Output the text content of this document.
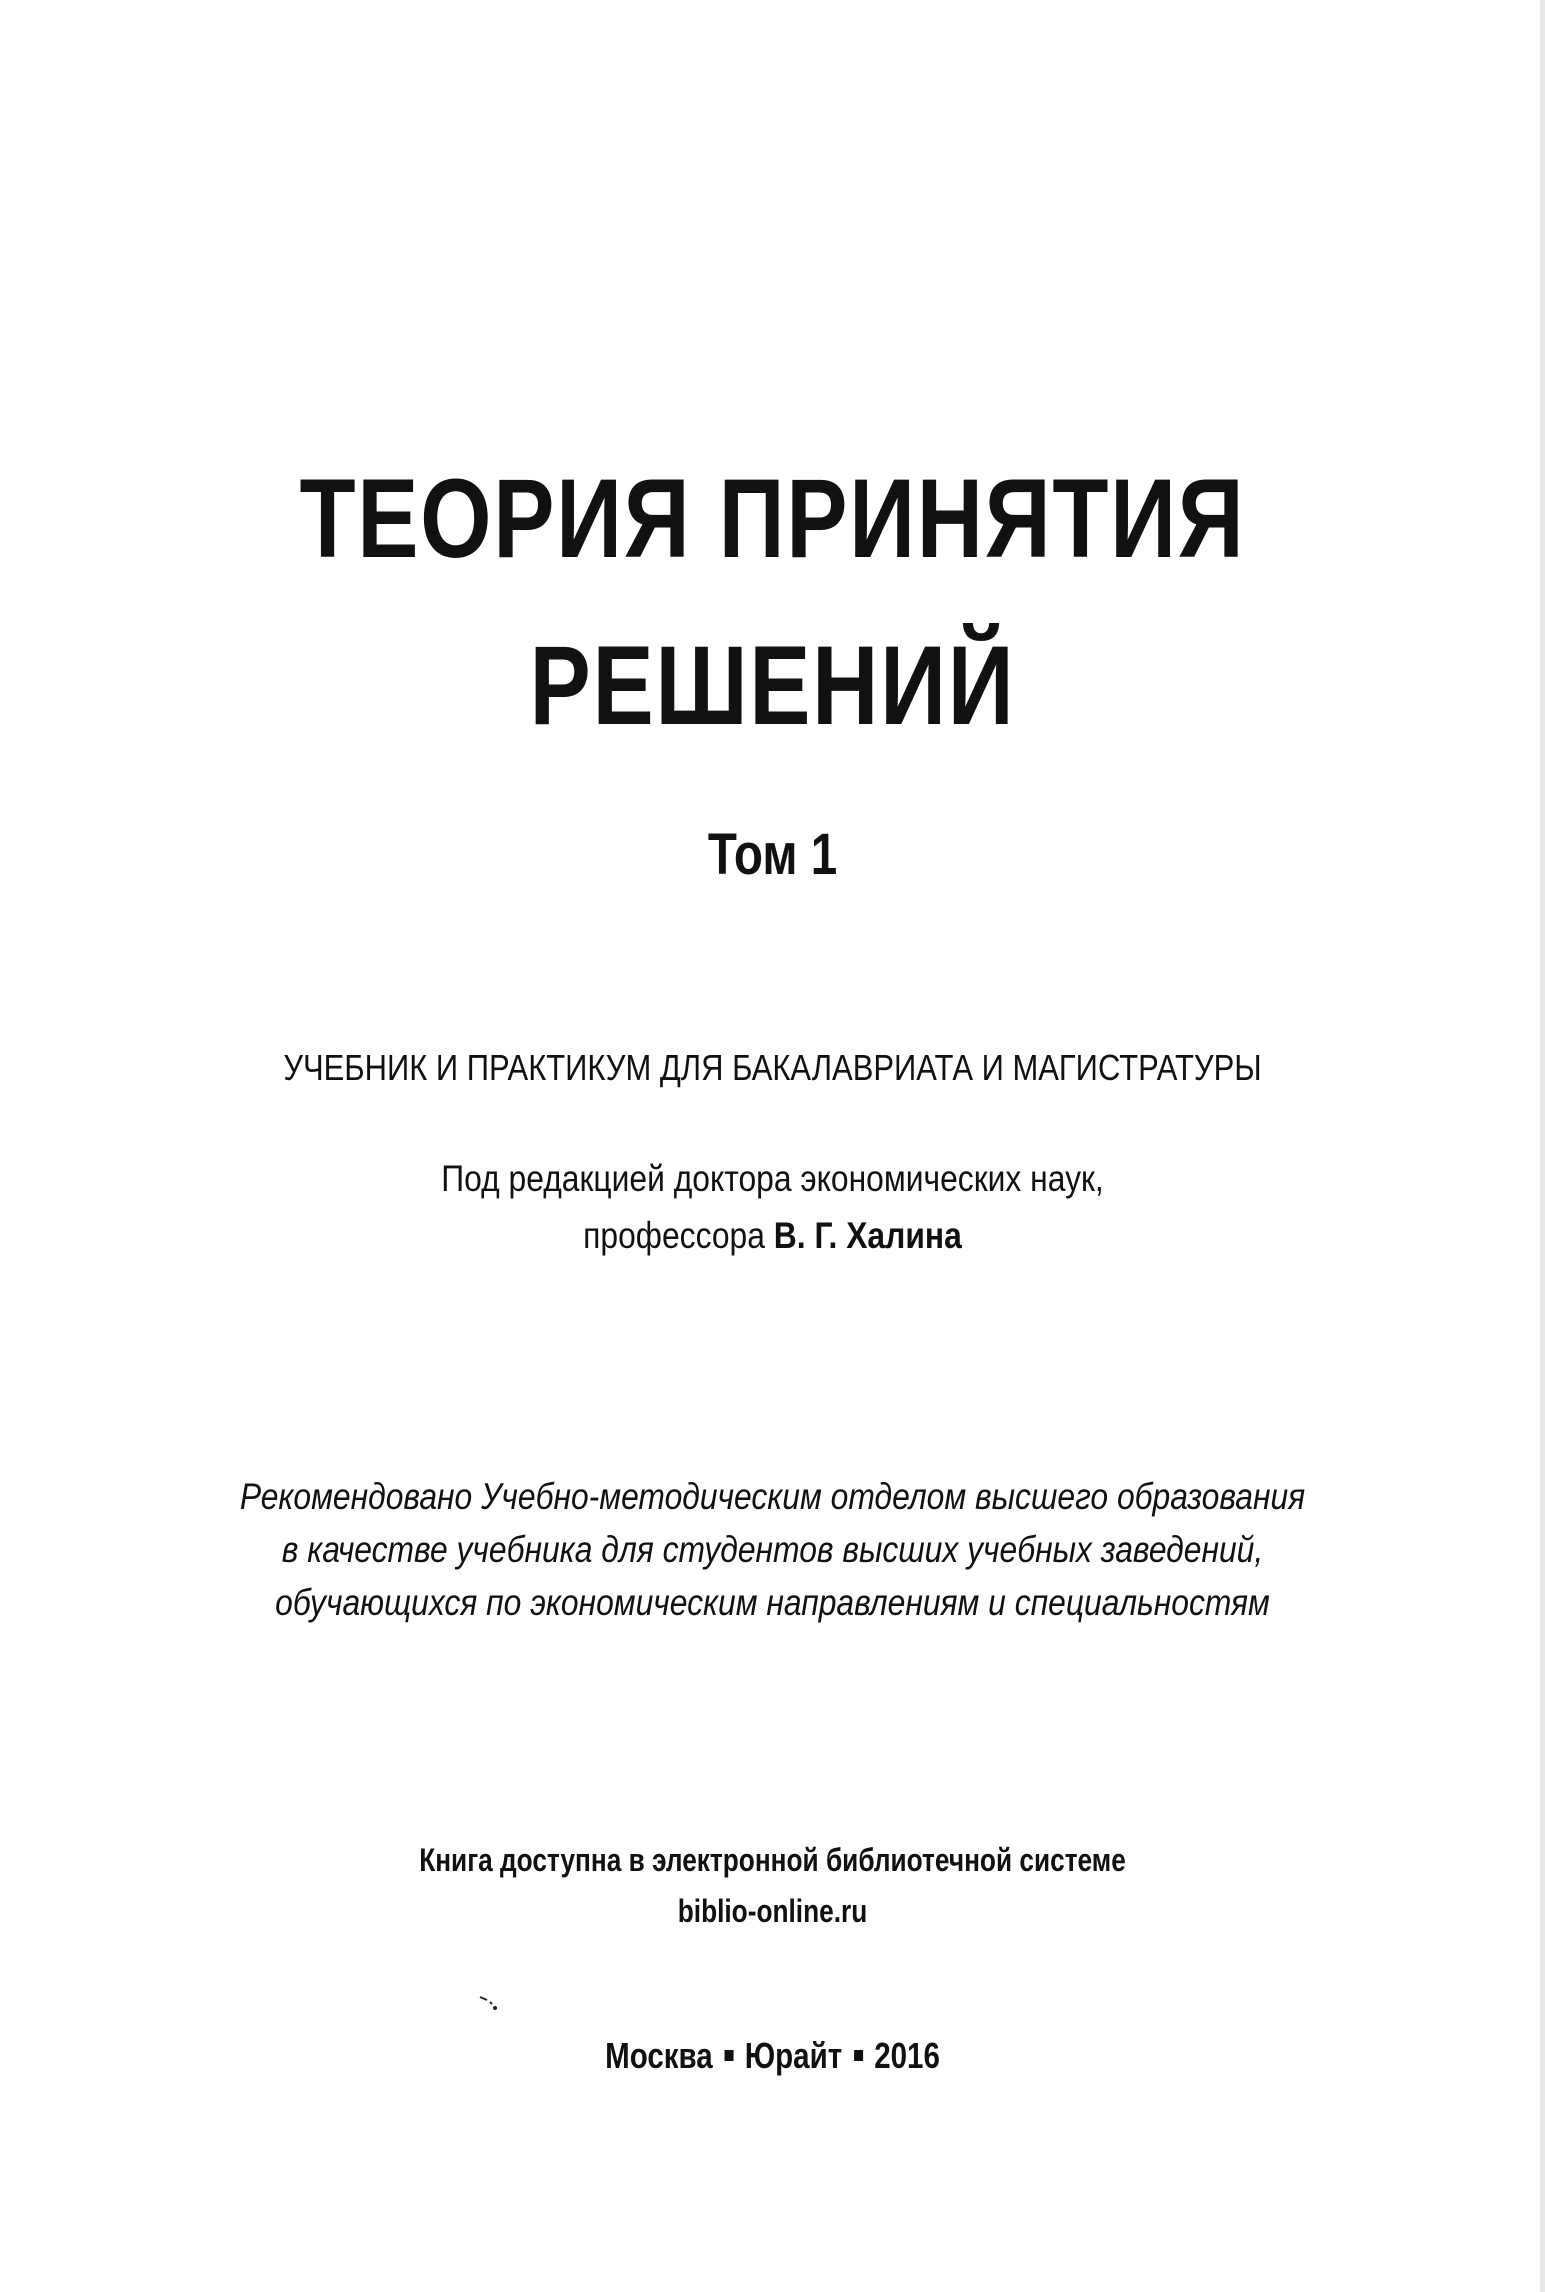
ТЕОРИЯ ПРИНЯТИЯ
РЕШЕНИЙ
Том 1
УЧЕБНИК И ПРАКТИКУМ ДЛЯ БАКАЛАВРИАТА И МАГИСТРАТУРЫ
Под редакцией доктора экономических наук,
профессора В. Г. Халина
Рекомендовано Учебно-методическим отделом высшего образования
в качестве учебника для студентов высших учебных заведений,
обучающихся по экономическим направлениям и специальностям
Книга доступна в электронной библиотечной системе
biblio-online.ru
Москва Юрайт 2016
